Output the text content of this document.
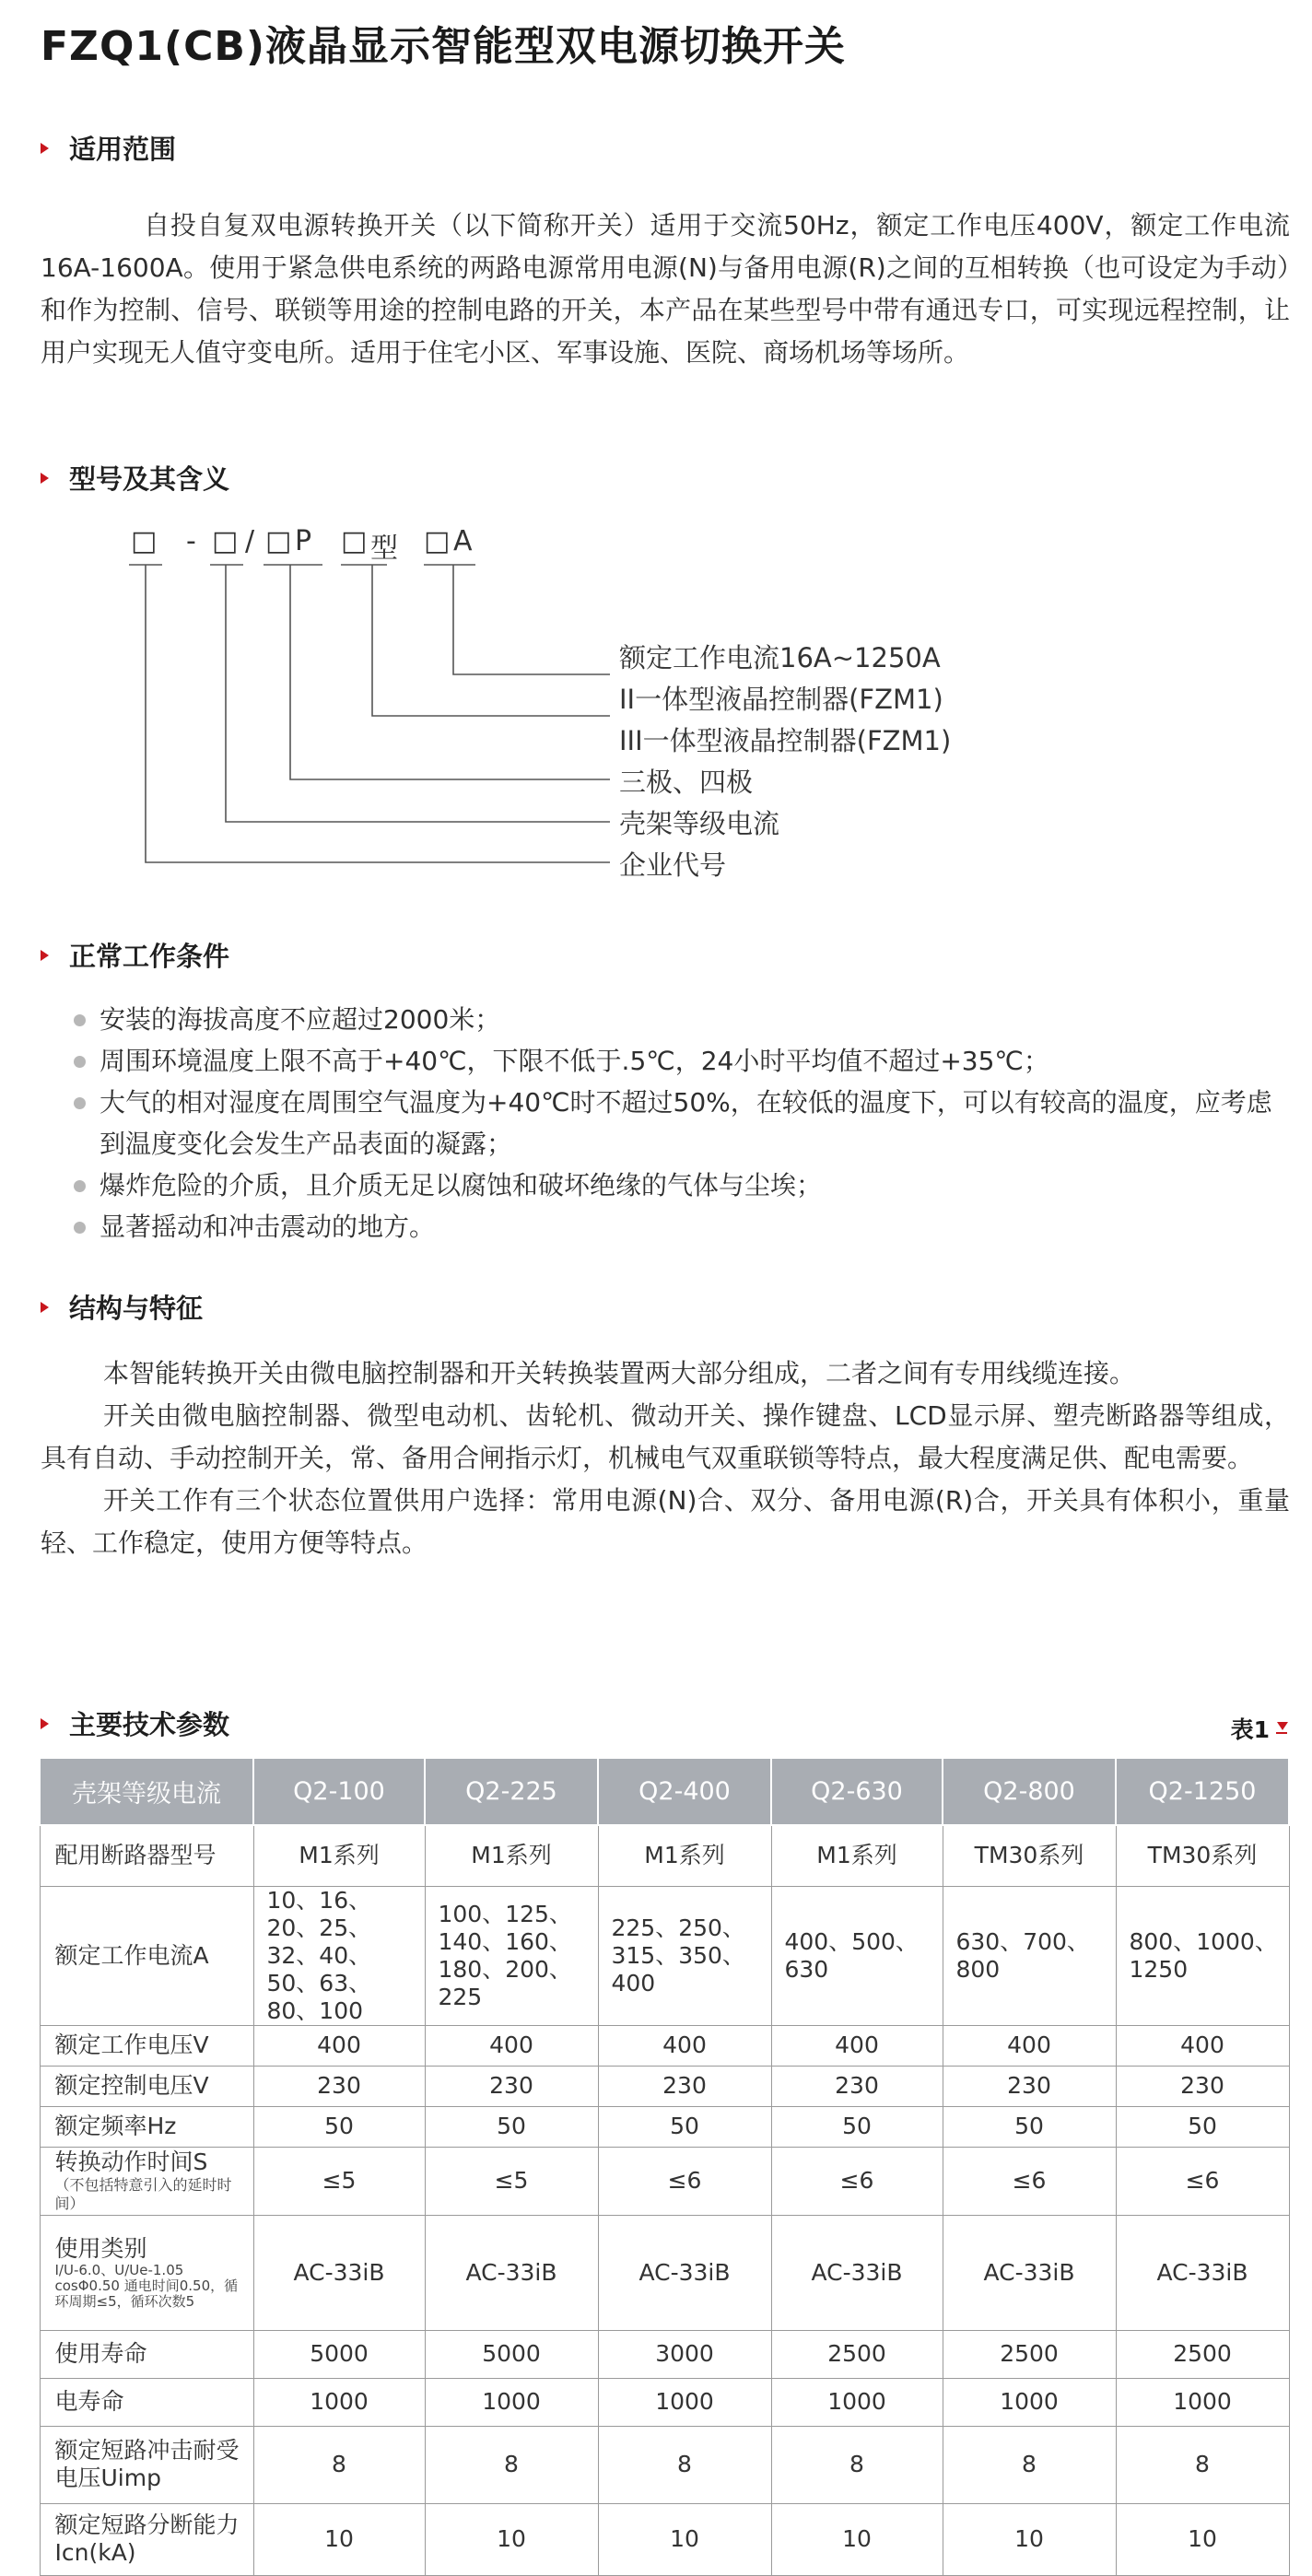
FZQ1(CB)液晶显示智能型双电源切换开关
适用范围

自投自复双电源转换开关（以下简称开关）适用于交流50Hz，额定工作电压400V，额定工作电流16A-1600A。使用于紧急供电系统的两路电源常用电源(N)与备用电源(R)之间的互相转换（也可设定为手动）和作为控制、信号、联锁等用途的控制电路的开关，本产品在某些型号中带有通迅专口，可实现远程控制，让用户实现无人值守变电所。适用于住宅小区、军事设施、医院、商场机场等场所。

型号及其含义
□ - □ / □ P □ 型 □ A
额定工作电流16A~1250A
II一体型液晶控制器(FZM1)
III一体型液晶控制器(FZM1)
三极、四极
壳架等级电流
企业代号
正常工作条件
安装的海拔高度不应超过2000米；
周围环境温度上限不高于+40℃，下限不低于.5℃，24小时平均值不超过+35℃；
大气的相对湿度在周围空气温度为+40℃时不超过50%，在较低的温度下，可以有较高的温度，应考虑到温度变化会发生产品表面的凝露；
爆炸危险的介质，且介质无足以腐蚀和破坏绝缘的气体与尘埃；
显著摇动和冲击震动的地方。
结构与特征

本智能转换开关由微电脑控制器和开关转换装置两大部分组成，二者之间有专用线缆连接。

开关由微电脑控制器、微型电动机、齿轮机、微动开关、操作键盘、LCD显示屏、塑壳断路器等组成，具有自动、手动控制开关，常、备用合闸指示灯，机械电气双重联锁等特点，最大程度满足供、配电需要。

开关工作有三个状态位置供用户选择：常用电源(N)合、双分、备用电源(R)合，开关具有体积小，重量轻、工作稳定，使用方便等特点。

主要技术参数	表1
壳架等级电流	Q2-100	Q2-225	Q2-400	Q2-630	Q2-800	Q2-1250
配用断路器型号	M1系列	M1系列	M1系列	M1系列	TM30系列	TM30系列
额定工作电流A	10、16、20、25、32、40、50、63、80、100	100、125、140、160、180、200、225	225、250、315、350、400	400、500、630	630、700、800	800、1000、1250
额定工作电压V	400	400	400	400	400	400
额定控制电压V	230	230	230	230	230	230
额定频率Hz	50	50	50	50	50	50
转换动作时间S
（不包括特意引入的延时时间）	≤5	≤5	≤6	≤6	≤6	≤6
使用类别
I/U-6.0、U/Ue-1.05 cosΦ0.50 通电时间0.50，循环周期≤5，循环次数5	AC-33iB	AC-33iB	AC-33iB	AC-33iB	AC-33iB	AC-33iB
使用寿命	5000	5000	3000	2500	2500	2500
电寿命	1000	1000	1000	1000	1000	1000
额定短路冲击耐受电压Uimp	8	8	8	8	8	8
额定短路分断能力Icn(kA)	10	10	10	10	10	10
